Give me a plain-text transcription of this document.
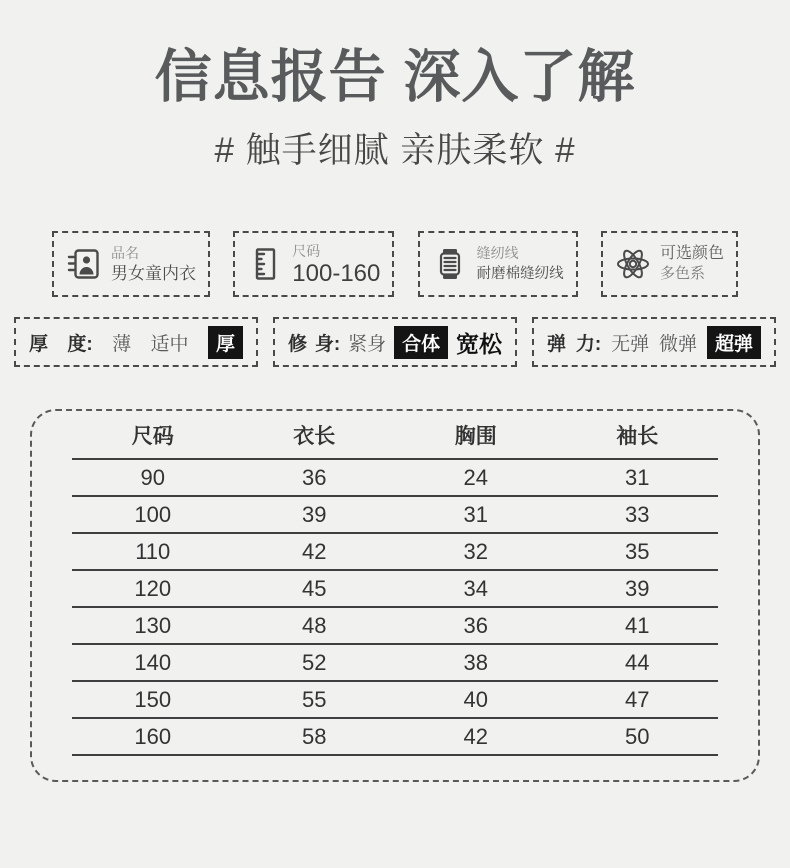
信息报告 深入了解
# 触手细腻 亲肤柔软 #
品名
男女童内衣
尺码
100-160
缝纫线
耐磨棉缝纫线
可选颜色
多色系
厚 度: 薄 适中	厚	修 身: 紧身 合体 宽松 弹 力: 无弹 微弹 超弹
尺码	衣长	胸围	袖长
90	36	24	31
100	39	31	33
110	42	32	35
120	45	34	39
130	48	36	41
140	52	38	44
150	55	40	47
160	58	42	50
